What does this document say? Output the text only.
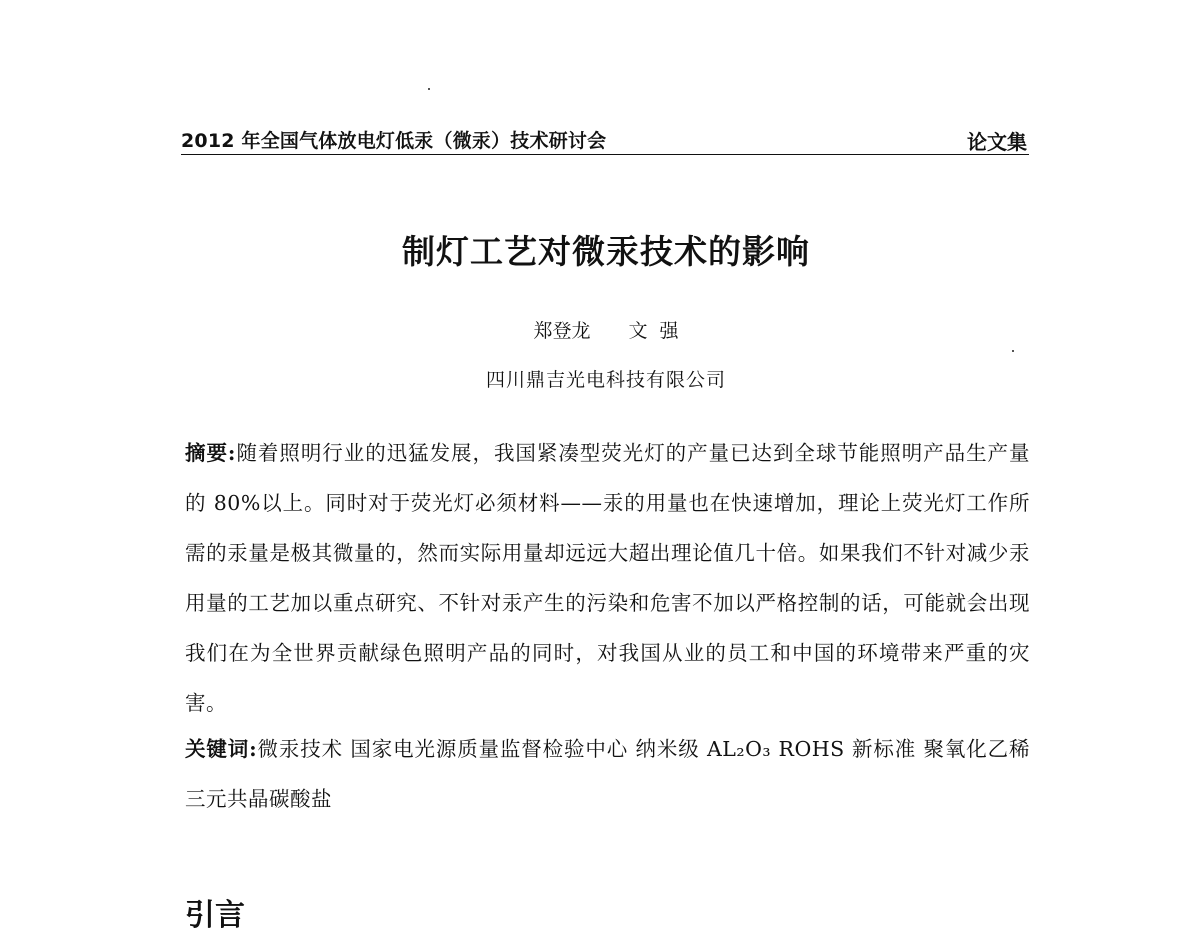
2012 年全国气体放电灯低汞（微汞）技术研讨会	论文集
制灯工艺对微汞技术的影响
郑登龙 文  强
四川鼎吉光电科技有限公司
摘要:随着照明行业的迅猛发展，我国紧凑型荧光灯的产量已达到全球节能照明产品生产量的 80%以上。同时对于荧光灯必须材料——汞的用量也在快速增加，理论上荧光灯工作所需的汞量是极其微量的，然而实际用量却远远大超出理论值几十倍。如果我们不针对减少汞用量的工艺加以重点研究、不针对汞产生的污染和危害不加以严格控制的话，可能就会出现我们在为全世界贡献绿色照明产品的同时，对我国从业的员工和中国的环境带来严重的灾害。
关键词:微汞技术 国家电光源质量监督检验中心 纳米级 AL₂O₃ ROHS 新标准 聚氧化乙稀 三元共晶碳酸盐
引言
